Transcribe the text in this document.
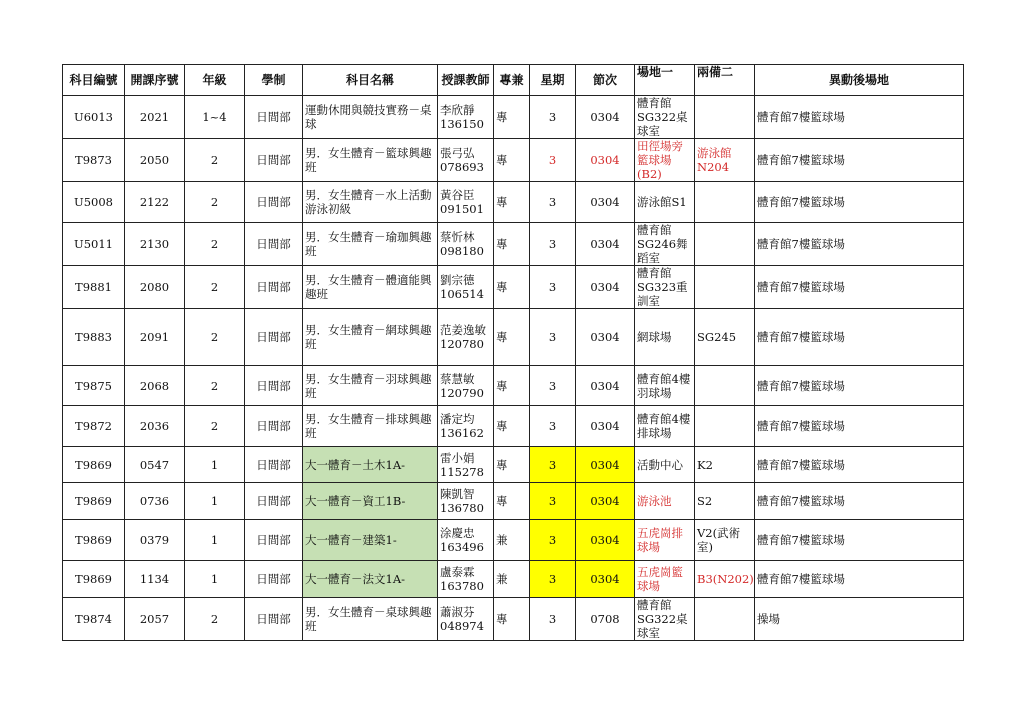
科目編號	開課序號	年級	學制	科目名稱	授課教師	專兼	星期	節次	場地一	兩備二	異動後場地
U6013	2021	1~4	日間部	運動休閒與競技實務－桌球	李欣靜 136150	專	3	0304	體育館SG322桌球室		體育館7樓籃球場
T9873	2050	2	日間部	男．女生體育－籃球興趣班	張弓弘 078693	專	3	0304	田徑場旁籃球場(B2)	游泳館N204	體育館7樓籃球場
U5008	2122	2	日間部	男．女生體育－水上活動游泳初級	黃谷臣 091501	專	3	0304	游泳館S1		體育館7樓籃球場
U5011	2130	2	日間部	男．女生體育－瑜珈興趣班	蔡忻林 098180	專	3	0304	體育館SG246舞蹈室		體育館7樓籃球場
T9881	2080	2	日間部	男．女生體育－體適能興趣班	劉宗德 106514	專	3	0304	體育館SG323重訓室		體育館7樓籃球場
T9883	2091	2	日間部	男．女生體育－網球興趣班	范姜逸敏120780	專	3	0304	網球場	SG245	體育館7樓籃球場
T9875	2068	2	日間部	男．女生體育－羽球興趣班	蔡慧敏 120790	專	3	0304	體育館4樓羽球場		體育館7樓籃球場
T9872	2036	2	日間部	男．女生體育－排球興趣班	潘定均 136162	專	3	0304	體育館4樓排球場		體育館7樓籃球場
T9869	0547	1	日間部	大一體育－土木1A-	雷小娟 115278	專	3	0304	活動中心	K2	體育館7樓籃球場
T9869	0736	1	日間部	大一體育－資工1B-	陳凱智 136780	專	3	0304	游泳池	S2	體育館7樓籃球場
T9869	0379	1	日間部	大一體育－建築1-	涂慶忠 163496	兼	3	0304	五虎崗排球場	V2(武術室)	體育館7樓籃球場
T9869	1134	1	日間部	大一體育－法文1A-	盧泰霖 163780	兼	3	0304	五虎崗籃球場	B3(N202)	體育館7樓籃球場
T9874	2057	2	日間部	男．女生體育－桌球興趣班	蕭淑芬 048974	專	3	0708	體育館SG322桌球室		操場
